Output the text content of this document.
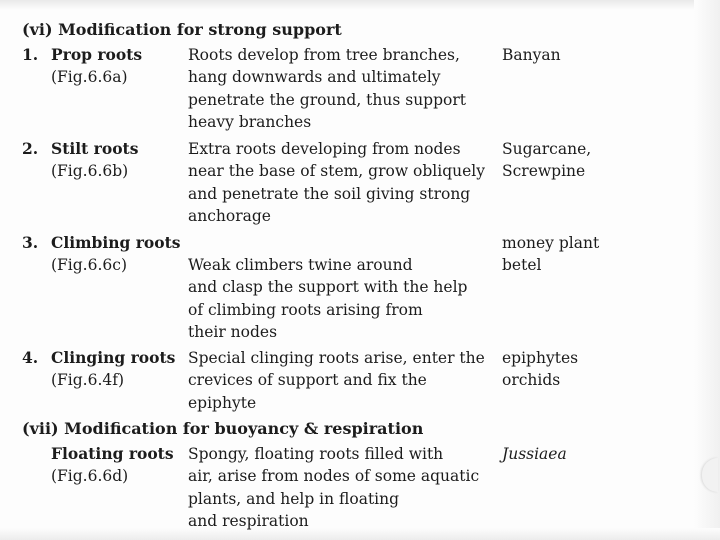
(vi) Modification for strong support
1. Prop roots
(Fig.6.6a)
Roots develop from tree branches,
hang downwards and ultimately
penetrate the ground, thus support
heavy branches
Banyan
2. Stilt roots
(Fig.6.6b)
Extra roots developing from nodes
near the base of stem, grow obliquely
and penetrate the soil giving strong
anchorage
Sugarcane,
Screwpine
3. Climbing roots
(Fig.6.6c)	Weak climbers twine around
and clasp the support with the help
of climbing roots arising from
their nodes
money plant
betel
4. Clinging roots
(Fig.6.4f)
Special clinging roots arise, enter the
crevices of support and fix the
epiphyte
epiphytes
orchids
(vii) Modification for buoyancy & respiration
Floating roots
(Fig.6.6d)
Spongy, floating roots filled with
air, arise from nodes of some aquatic
plants, and help in floating
and respiration
Jussiaea
